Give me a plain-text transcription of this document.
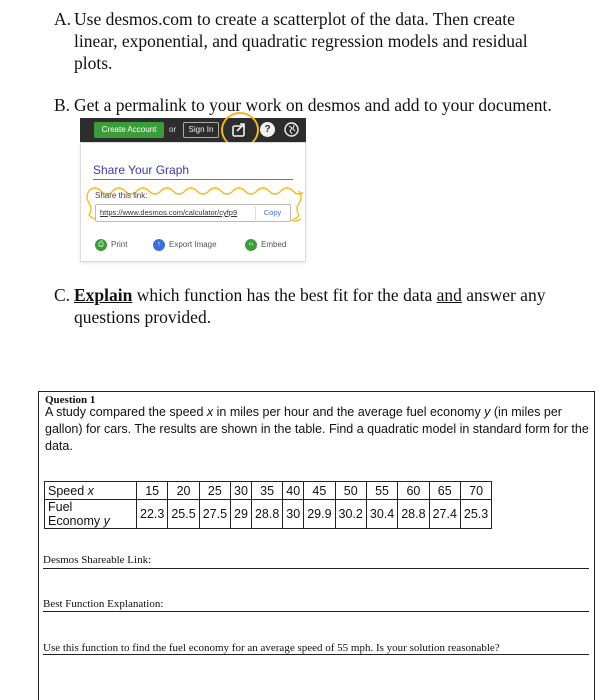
A. Use desmos.com to create a scatterplot of the data. Then create
linear, exponential, and quadratic regression models and residual
plots.
B. Get a permalink to your work on desmos and add to your document.
Create Account	or	Sign In	?
Share Your Graph
Share this link:
https://www.desmos.com/calculator/cyfp9	Copy
⎙ Print	↑ Export Image	‹› Embed
C. Explain which function has the best fit for the data and answer any
questions provided.
Question 1
A study compared the speed x in miles per hour and the average fuel economy y (in miles per gallon) for cars. The results are shown in the table. Find a quadratic model in standard form for the data.
Speed x	15	20	25	30	35	40	45	50	55	60	65	70
Fuel
Economy y	22.3	25.5	27.5	29	28.8	30	29.9	30.2	30.4	28.8	27.4	25.3
Desmos Shareable Link:
Best Function Explanation:
Use this function to find the fuel economy for an average speed of 55 mph. Is your solution reasonable?
